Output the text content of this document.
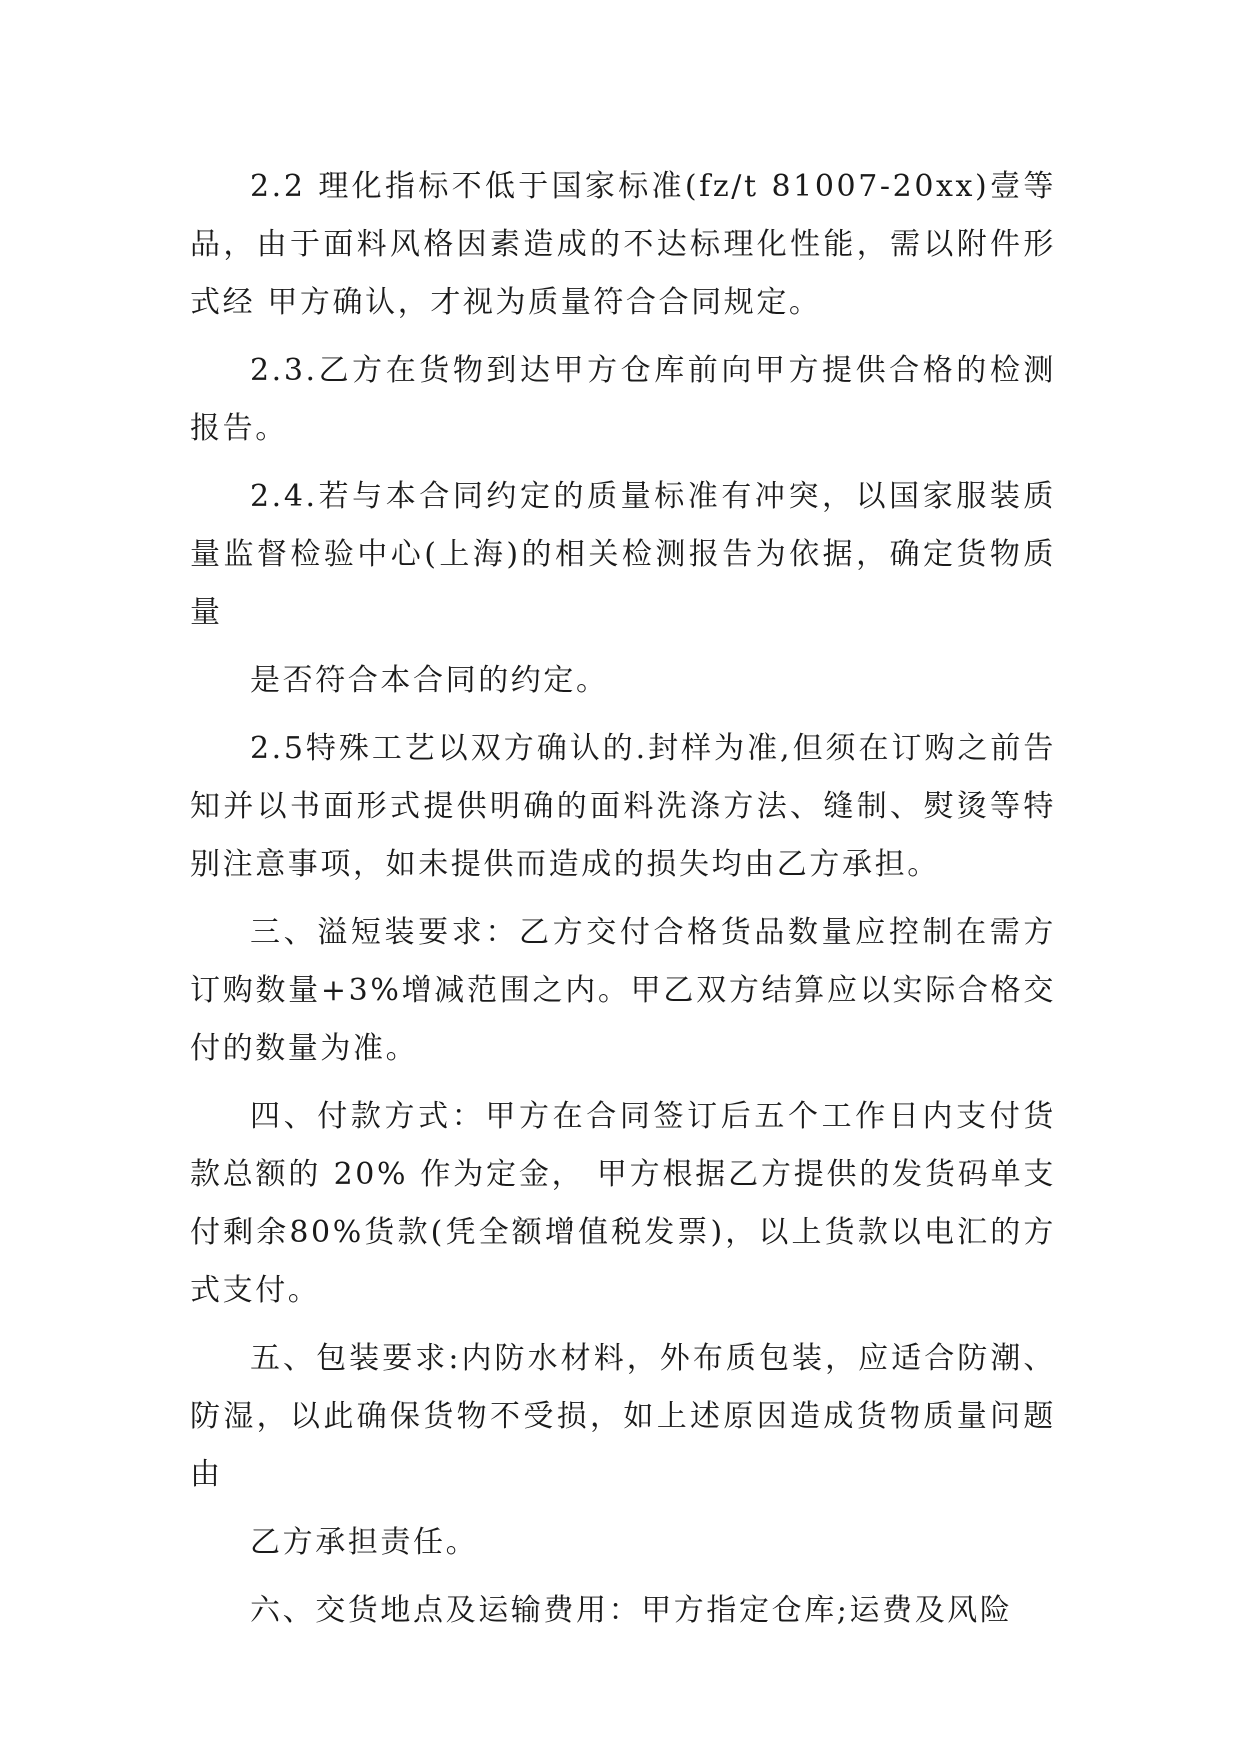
2.2 理化指标不低于国家标准(fz/t 81007-20xx)壹等品，由于面料风格因素造成的不达标理化性能，需以附件形式经 甲方确认，才视为质量符合合同规定。

2.3.乙方在货物到达甲方仓库前向甲方提供合格的检测报告。

2.4.若与本合同约定的质量标准有冲突，以国家服装质量监督检验中心(上海)的相关检测报告为依据，确定货物质量

是否符合本合同的约定。

2.5特殊工艺以双方确认的.封样为准,但须在订购之前告知并以书面形式提供明确的面料洗涤方法、缝制、熨烫等特别注意事项，如未提供而造成的损失均由乙方承担。

三、溢短装要求：乙方交付合格货品数量应控制在需方订购数量+3%增减范围之内。甲乙双方结算应以实际合格交付的数量为准。

四、付款方式：甲方在合同签订后五个工作日内支付货款总额的 20% 作为定金， 甲方根据乙方提供的发货码单支付剩余80%货款(凭全额增值税发票)，以上货款以电汇的方式支付。

五、包装要求:内防水材料，外布质包装，应适合防潮、防湿，以此确保货物不受损，如上述原因造成货物质量问题由

乙方承担责任。

六、交货地点及运输费用：甲方指定仓库;运费及风险
